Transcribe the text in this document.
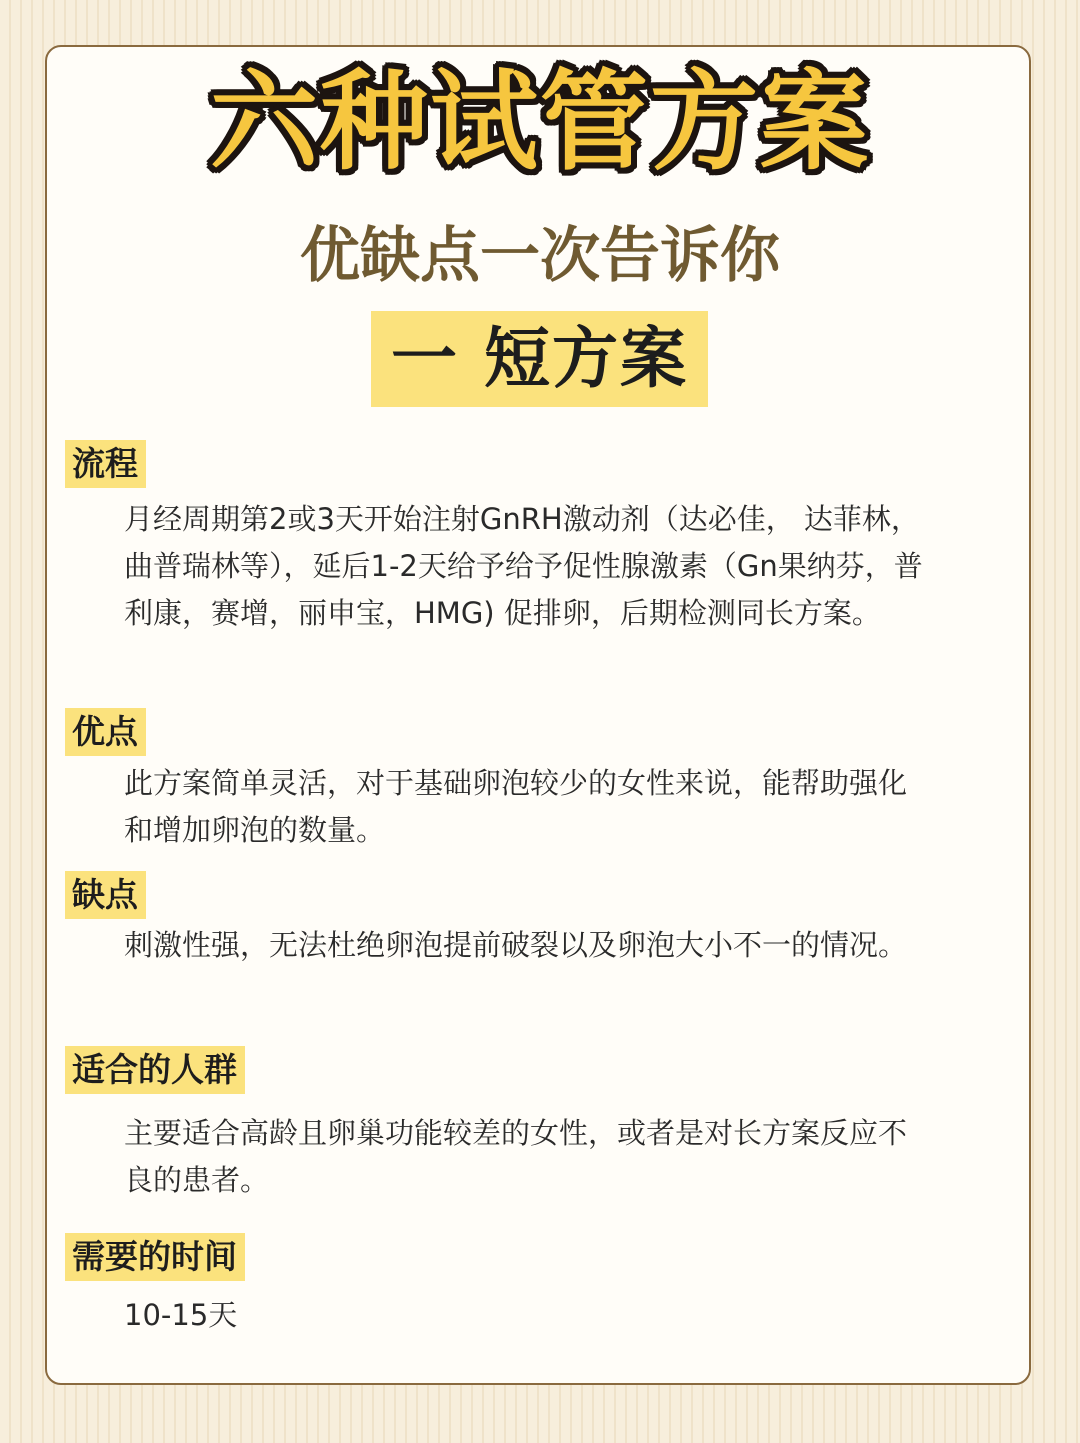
六种试管方案
优缺点一次告诉你
一 短方案
流程

月经周期第2或3天开始注射GnRH激动剂（达必佳， 达菲林，曲普瑞林等），延后1-2天给予给予促性腺激素（Gn果纳芬，普利康，赛增，丽申宝，HMG) 促排卵，后期检测同长方案。

优点

此方案简单灵活，对于基础卵泡较少的女性来说，能帮助强化和增加卵泡的数量。

缺点

刺激性强，无法杜绝卵泡提前破裂以及卵泡大小不一的情况。

适合的人群

主要适合高龄且卵巢功能较差的女性，或者是对长方案反应不良的患者。

需要的时间

10-15天
